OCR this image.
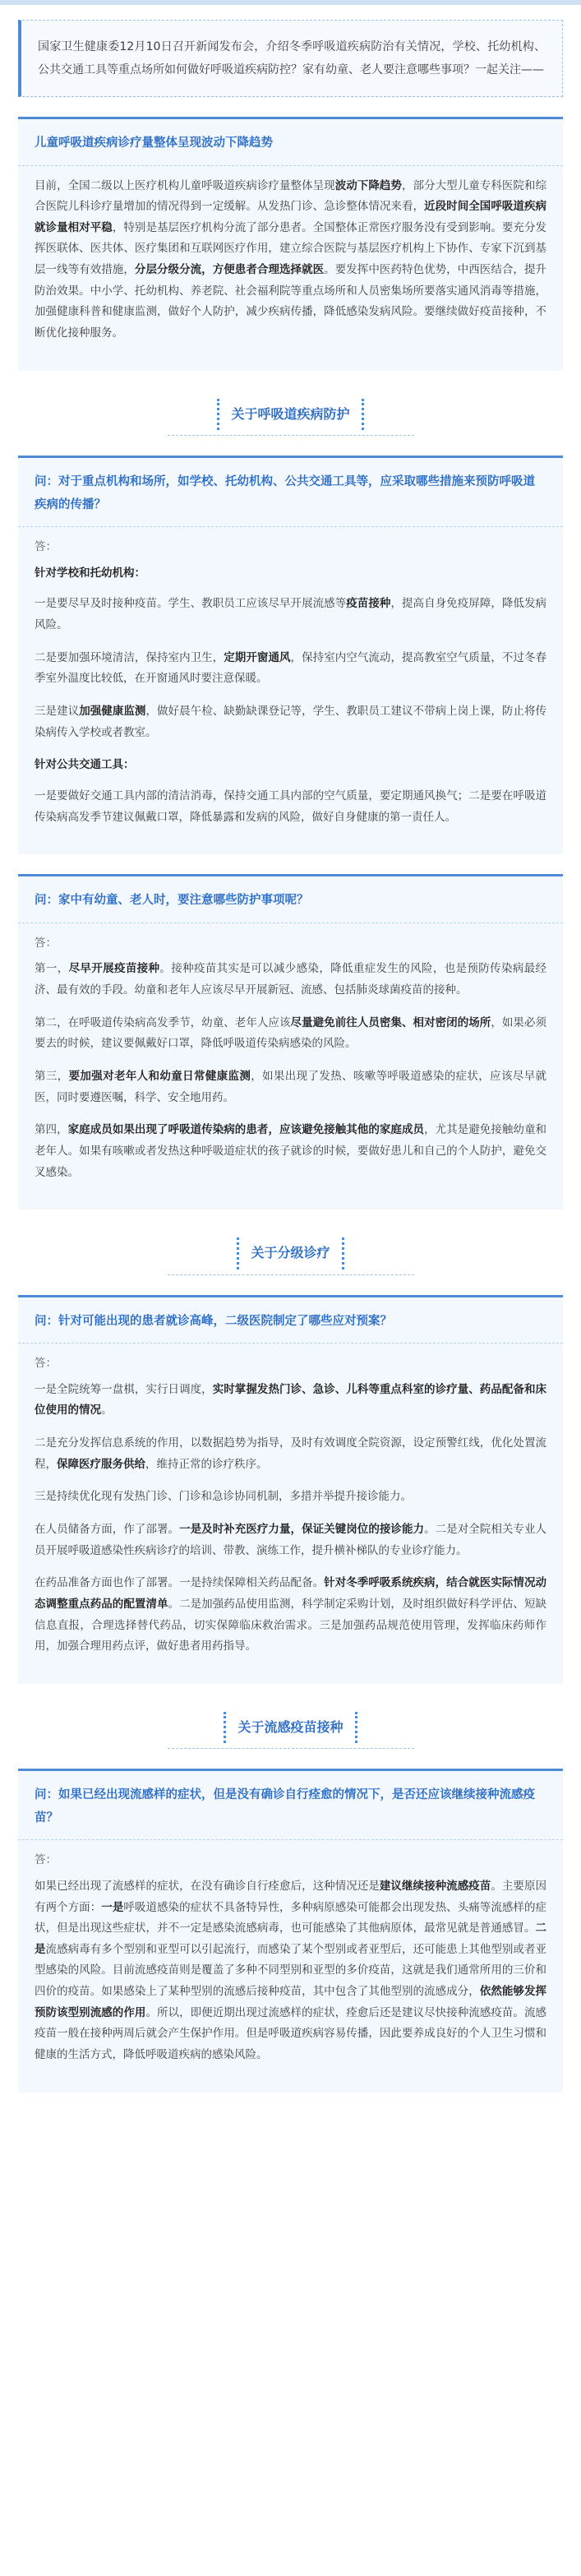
国家卫生健康委12月10日召开新闻发布会，介绍冬季呼吸道疾病防治有关情况，学校、托幼机构、公共交通工具等重点场所如何做好呼吸道疾病防控？家有幼童、老人要注意哪些事项？一起关注——

儿童呼吸道疾病诊疗量整体呈现波动下降趋势

目前，全国二级以上医疗机构儿童呼吸道疾病诊疗量整体呈现波动下降趋势，部分大型儿童专科医院和综合医院儿科诊疗量增加的情况得到一定缓解。从发热门诊、急诊整体情况来看，近段时间全国呼吸道疾病就诊量相对平稳，特别是基层医疗机构分流了部分患者。全国整体正常医疗服务没有受到影响。要充分发挥医联体、医共体、医疗集团和互联网医疗作用，建立综合医院与基层医疗机构上下协作、专家下沉到基层一线等有效措施，分层分级分流，方便患者合理选择就医。要发挥中医药特色优势，中西医结合，提升防治效果。中小学、托幼机构、养老院、社会福利院等重点场所和人员密集场所要落实通风消毒等措施，加强健康科普和健康监测，做好个人防护，减少疾病传播，降低感染发病风险。要继续做好疫苗接种，不断优化接种服务。

关于呼吸道疾病防护
问：对于重点机构和场所，如学校、托幼机构、公共交通工具等，应采取哪些措施来预防呼吸道疾病的传播？

答：

针对学校和托幼机构：

一是要尽早及时接种疫苗。学生、教职员工应该尽早开展流感等疫苗接种，提高自身免疫屏障，降低发病风险。

二是要加强环境清洁，保持室内卫生，定期开窗通风，保持室内空气流动，提高教室空气质量，不过冬春季室外温度比较低，在开窗通风时要注意保暖。

三是建议加强健康监测，做好晨午检、缺勤缺课登记等，学生、教职员工建议不带病上岗上课，防止将传染病传入学校或者教室。

针对公共交通工具：

一是要做好交通工具内部的清洁消毒，保持交通工具内部的空气质量，要定期通风换气；二是要在呼吸道传染病高发季节建议佩戴口罩，降低暴露和发病的风险，做好自身健康的第一责任人。

问：家中有幼童、老人时，要注意哪些防护事项呢？

答：

第一，尽早开展疫苗接种。接种疫苗其实是可以减少感染，降低重症发生的风险，也是预防传染病最经济、最有效的手段。幼童和老年人应该尽早开展新冠、流感、包括肺炎球菌疫苗的接种。

第二，在呼吸道传染病高发季节，幼童、老年人应该尽量避免前往人员密集、相对密闭的场所，如果必须要去的时候，建议要佩戴好口罩，降低呼吸道传染病感染的风险。

第三，要加强对老年人和幼童日常健康监测，如果出现了发热、咳嗽等呼吸道感染的症状，应该尽早就医，同时要遵医嘱，科学、安全地用药。

第四，家庭成员如果出现了呼吸道传染病的患者，应该避免接触其他的家庭成员，尤其是避免接触幼童和老年人。如果有咳嗽或者发热这种呼吸道症状的孩子就诊的时候，要做好患儿和自己的个人防护，避免交叉感染。

关于分级诊疗
问：针对可能出现的患者就诊高峰，二级医院制定了哪些应对预案？

答：

一是全院统筹一盘棋，实行日调度，实时掌握发热门诊、急诊、儿科等重点科室的诊疗量、药品配备和床位使用的情况。

二是充分发挥信息系统的作用，以数据趋势为指导，及时有效调度全院资源，设定预警红线，优化处置流程，保障医疗服务供给，维持正常的诊疗秩序。

三是持续优化现有发热门诊、门诊和急诊协同机制，多措并举提升接诊能力。

在人员储备方面，作了部署。一是及时补充医疗力量，保证关键岗位的接诊能力。二是对全院相关专业人员开展呼吸道感染性疾病诊疗的培训、带教、演练工作，提升横补梯队的专业诊疗能力。

在药品准备方面也作了部署。一是持续保障相关药品配备。针对冬季呼吸系统疾病，结合就医实际情况动态调整重点药品的配置清单。二是加强药品使用监测，科学制定采购计划，及时组织做好科学评估、短缺信息直报，合理选择替代药品，切实保障临床救治需求。三是加强药品规范使用管理，发挥临床药师作用，加强合理用药点评，做好患者用药指导。

关于流感疫苗接种
问：如果已经出现流感样的症状，但是没有确诊自行痊愈的情况下，是否还应该继续接种流感疫苗？

答：

如果已经出现了流感样的症状，在没有确诊自行痊愈后，这种情况还是建议继续接种流感疫苗。主要原因有两个方面：一是呼吸道感染的症状不具备特异性，多种病原感染可能都会出现发热、头痛等流感样的症状，但是出现这些症状，并不一定是感染流感病毒，也可能感染了其他病原体，最常见就是普通感冒。二是流感病毒有多个型别和亚型可以引起流行，而感染了某个型别或者亚型后，还可能患上其他型别或者亚型感染的风险。目前流感疫苗则是覆盖了多种不同型别和亚型的多价疫苗，这就是我们通常所用的三价和四价的疫苗。如果感染上了某种型别的流感后接种疫苗，其中包含了其他型别的流感成分，依然能够发挥预防该型别流感的作用。所以，即便近期出现过流感样的症状，痊愈后还是建议尽快接种流感疫苗。流感疫苗一般在接种两周后就会产生保护作用。但是呼吸道疾病容易传播，因此要养成良好的个人卫生习惯和健康的生活方式，降低呼吸道疾病的感染风险。
